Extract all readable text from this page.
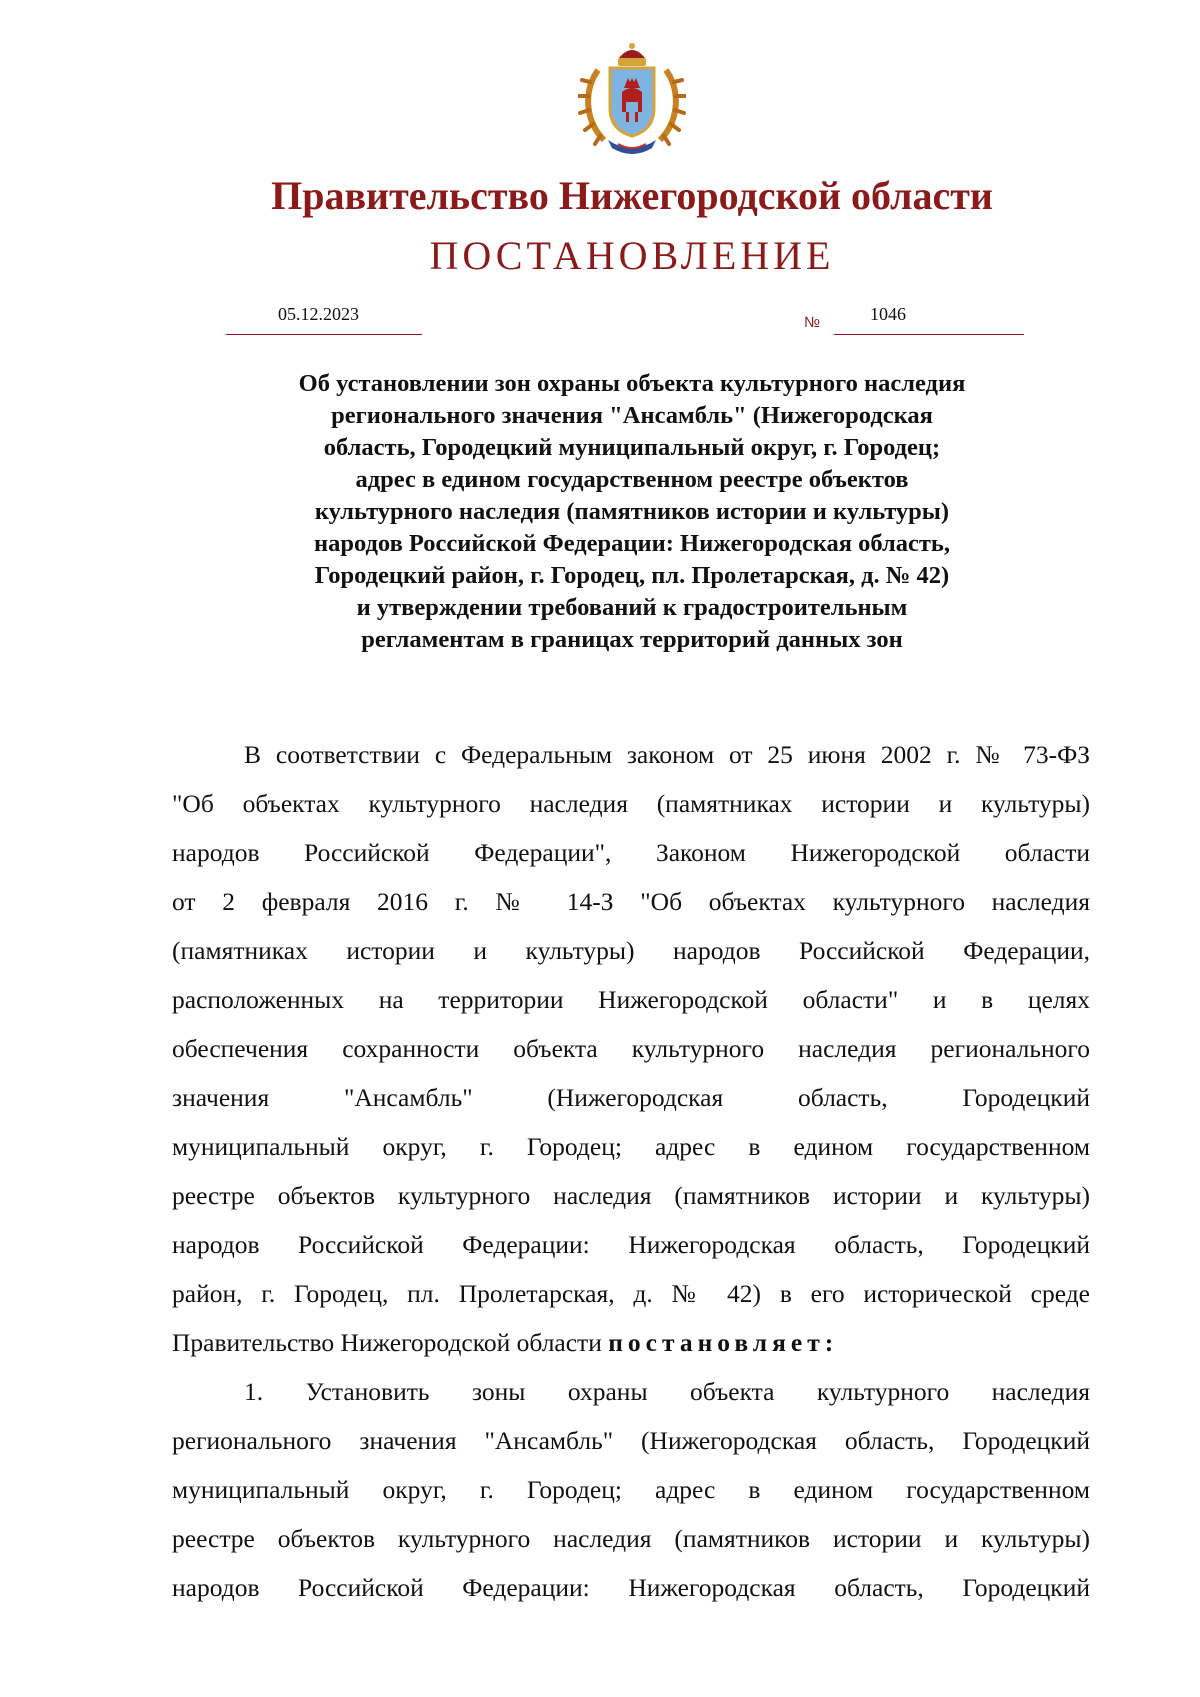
Правительство Нижегородской области
ПОСТАНОВЛЕНИЕ
05.12.2023	№	1046
Об установлении зон охраны объекта культурного наследия
регионального значения "Ансамбль" (Нижегородская
область, Городецкий муниципальный округ, г. Городец;
адрес в едином государственном реестре объектов
культурного наследия (памятников истории и культуры)
народов Российской Федерации: Нижегородская область,
Городецкий район, г. Городец, пл. Пролетарская, д. № 42)
и утверждении требований к градостроительным
регламентам в границах территорий данных зон
В соответствии с Федеральным законом от 25 июня 2002 г. № 73-ФЗ
"Об объектах культурного наследия (памятниках истории и культуры)
народов Российской Федерации", Законом Нижегородской области
от 2 февраля 2016 г. № 14-З "Об объектах культурного наследия
(памятниках истории и культуры) народов Российской Федерации,
расположенных на территории Нижегородской области" и в целях
обеспечения сохранности объекта культурного наследия регионального
значения "Ансамбль" (Нижегородская область, Городецкий
муниципальный округ, г. Городец; адрес в едином государственном
реестре объектов культурного наследия (памятников истории и культуры)
народов Российской Федерации: Нижегородская область, Городецкий
район, г. Городец, пл. Пролетарская, д. № 42) в его исторической среде
Правительство Нижегородской области постановляет:
1. Установить зоны охраны объекта культурного наследия
регионального значения "Ансамбль" (Нижегородская область, Городецкий
муниципальный округ, г. Городец; адрес в едином государственном
реестре объектов культурного наследия (памятников истории и культуры)
народов Российской Федерации: Нижегородская область, Городецкий
